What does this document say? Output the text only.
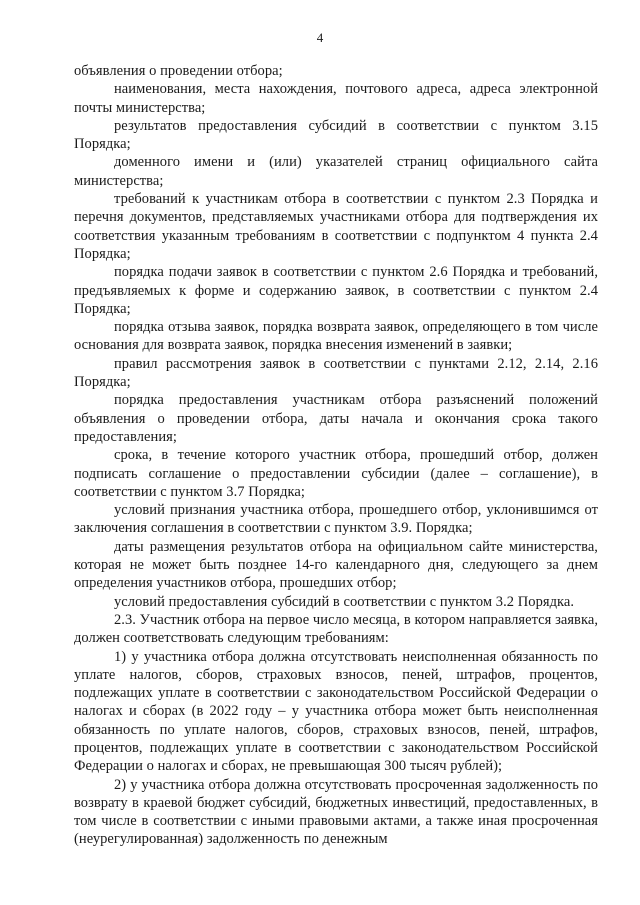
4

объявления о проведении отбора;

наименования, места нахождения, почтового адреса, адреса электронной почты министерства;

результатов предоставления субсидий в соответствии с пунктом 3.15 Порядка;

доменного имени и (или) указателей страниц официального сайта министерства;

требований к участникам отбора в соответствии с пунктом 2.3 Порядка и перечня документов, представляемых участниками отбора для подтверждения их соответствия указанным требованиям в соответствии с подпунктом 4 пункта 2.4 Порядка;

порядка подачи заявок в соответствии с пунктом 2.6 Порядка и требований, предъявляемых к форме и содержанию заявок, в соответствии с пунктом 2.4 Порядка;

порядка отзыва заявок, порядка возврата заявок, определяющего в том числе основания для возврата заявок, порядка внесения изменений в заявки;

правил рассмотрения заявок в соответствии с пунктами 2.12, 2.14, 2.16 Порядка;

порядка предоставления участникам отбора разъяснений положений объявления о проведении отбора, даты начала и окончания срока такого предоставления;

срока, в течение которого участник отбора, прошедший отбор, должен подписать соглашение о предоставлении субсидии (далее – соглашение), в соответствии с пунктом 3.7 Порядка;

условий признания участника отбора, прошедшего отбор, уклонившимся от заключения соглашения в соответствии с пунктом 3.9. Порядка;

даты размещения результатов отбора на официальном сайте министерства, которая не может быть позднее 14-го календарного дня, следующего за днем определения участников отбора, прошедших отбор;

условий предоставления субсидий в соответствии с пунктом 3.2 Порядка.

2.3. Участник отбора на первое число месяца, в котором направляется заявка, должен соответствовать следующим требованиям:

1) у участника отбора должна отсутствовать неисполненная обязанность по уплате налогов, сборов, страховых взносов, пеней, штрафов, процентов, подлежащих уплате в соответствии с законодательством Российской Федерации о налогах и сборах (в 2022 году – у участника отбора может быть неисполненная обязанность по уплате налогов, сборов, страховых взносов, пеней, штрафов, процентов, подлежащих уплате в соответствии с законодательством Российской Федерации о налогах и сборах, не превышающая 300 тысяч рублей);

2) у участника отбора должна отсутствовать просроченная задолженность по возврату в краевой бюджет субсидий, бюджетных инвестиций, предоставленных, в том числе в соответствии с иными правовыми актами, а также иная просроченная (неурегулированная) задолженность по денежным
